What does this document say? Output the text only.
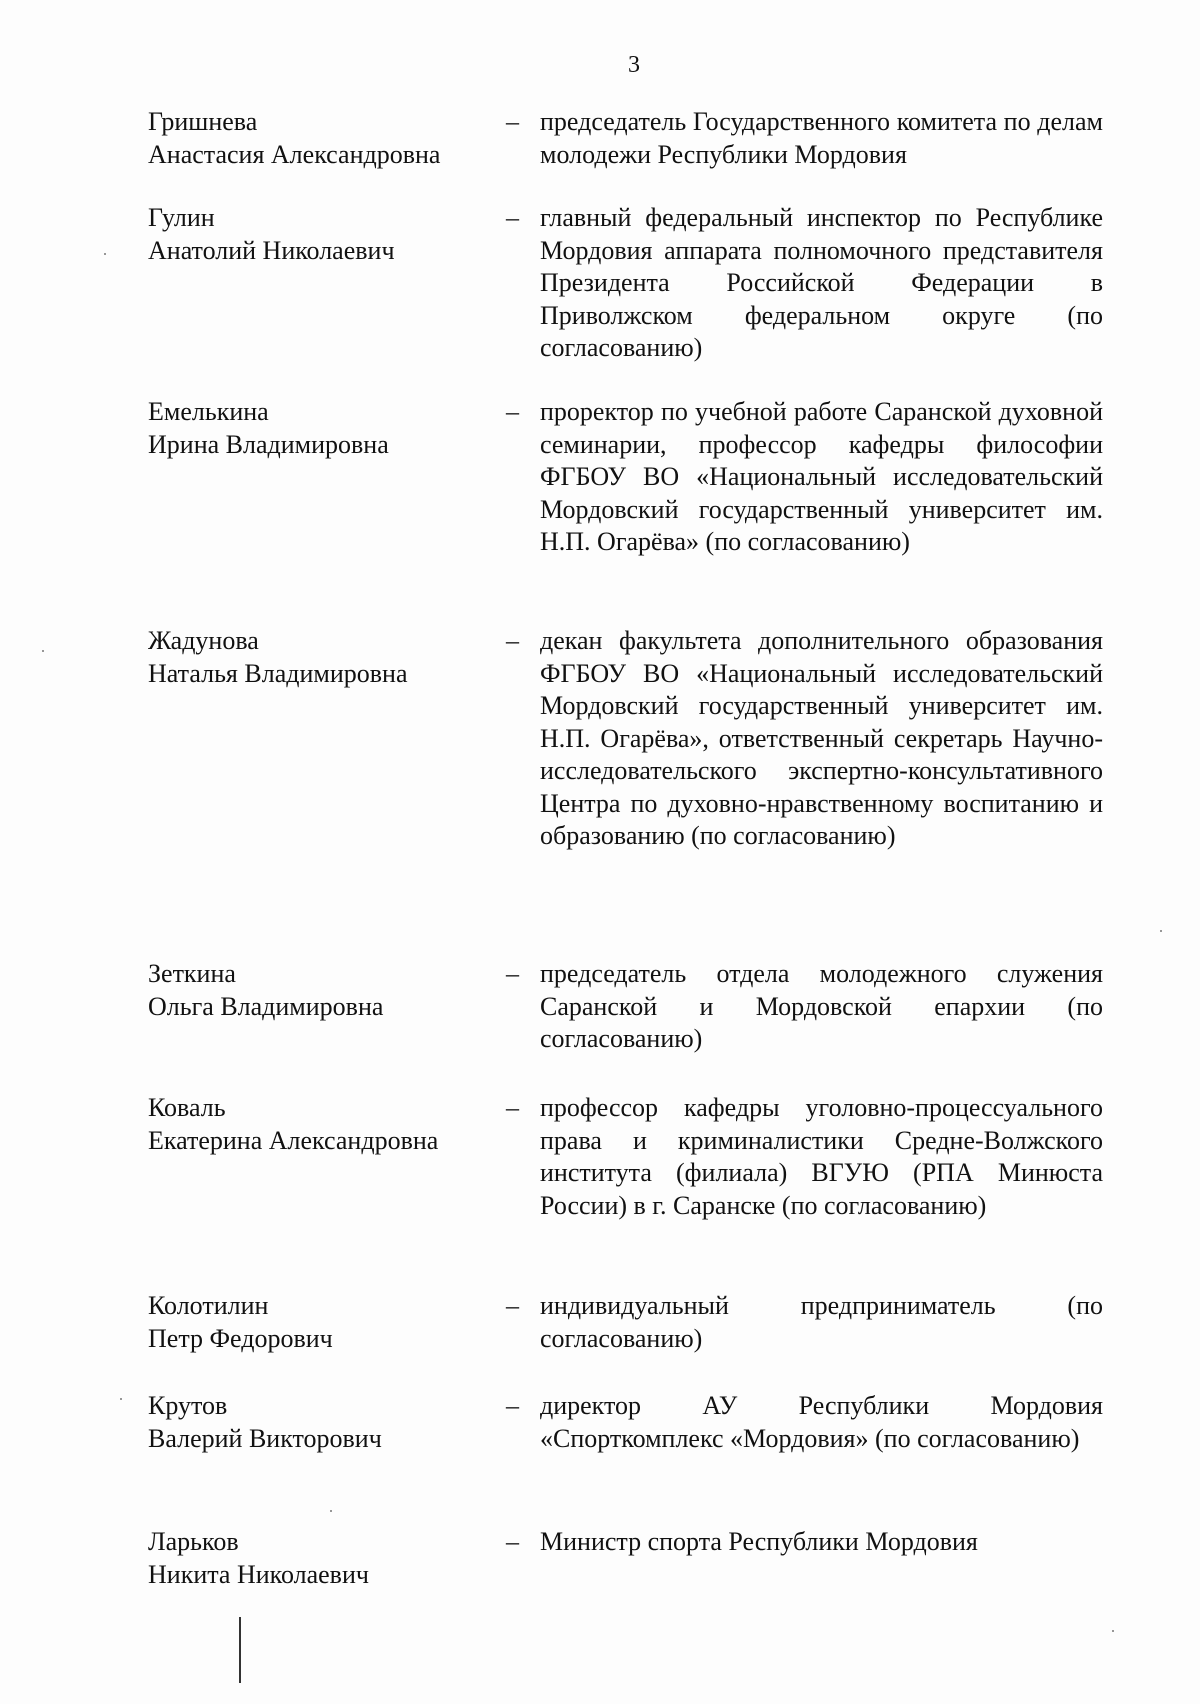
3
Гришнева
Анастасия Александровна
– председатель Государственного комитета по делам молодежи Республики Мордовия
Гулин
Анатолий Николаевич
– главный федеральный инспектор по Республике Мордовия аппарата полномочного представителя Президента Российской Федерации в Приволжском федеральном округе (по согласованию)
Емелькина
Ирина Владимировна
– проректор по учебной работе Саранской духовной семинарии, профессор кафедры философии ФГБОУ ВО «Национальный исследовательский Мордовский государственный университет им. Н.П. Огарёва» (по согласованию)
Жадунова
Наталья Владимировна
– декан факультета дополнительного образования ФГБОУ ВО «Национальный исследовательский Мордовский государственный университет им. Н.П. Огарёва», ответственный секретарь Научно-исследовательского экспертно-консультативного Центра по духовно-нравственному воспитанию и образованию (по согласованию)
Зеткина
Ольга Владимировна
– председатель отдела молодежного служения Саранской и Мордовской епархии (по согласованию)
Коваль
Екатерина Александровна
– профессор кафедры уголовно-процессуального права и криминалистики Средне-Волжского института (филиала) ВГУЮ (РПА Минюста России) в г. Саранске (по согласованию)
Колотилин
Петр Федорович
– индивидуальный предприниматель (по согласованию)
Крутов
Валерий Викторович
– директор АУ Республики Мордовия «Спорткомплекс «Мордовия» (по согласованию)
Ларьков
Никита Николаевич
– Министр спорта Республики Мордовия
